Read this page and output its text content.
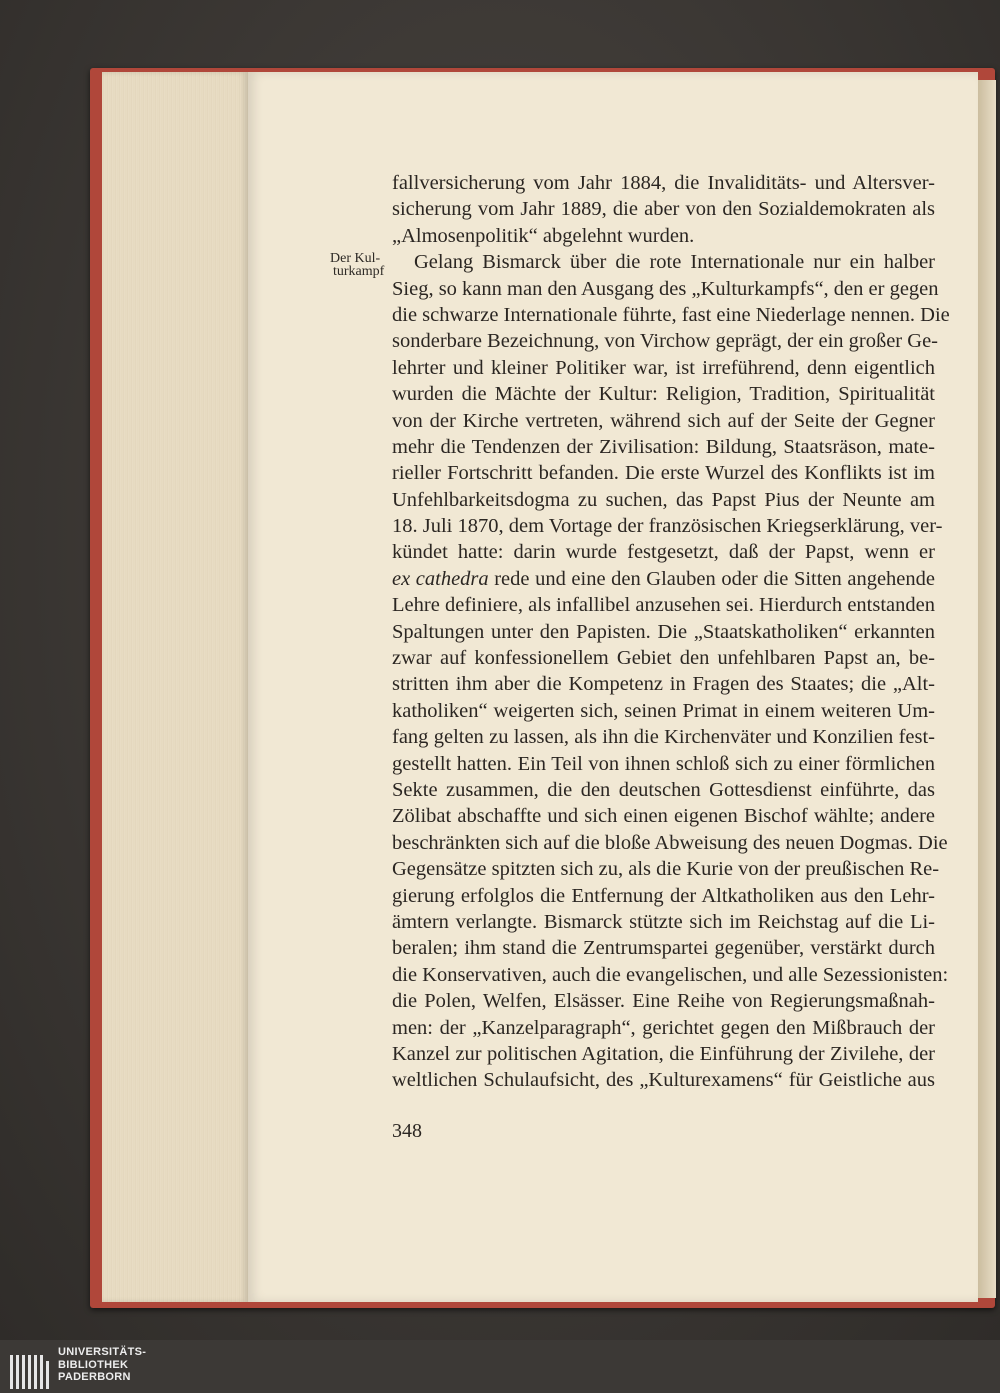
Der Kul-
turkampf
fallversicherung vom Jahr 1884, die Invaliditäts- und Altersver-
sicherung vom Jahr 1889, die aber von den Sozialdemokraten als
„Almosenpolitik“ abgelehnt wurden.
Gelang Bismarck über die rote Internationale nur ein halber
Sieg, so kann man den Ausgang des „Kulturkampfs“, den er gegen
die schwarze Internationale führte, fast eine Niederlage nennen. Die
sonderbare Bezeichnung, von Virchow geprägt, der ein großer Ge-
lehrter und kleiner Politiker war, ist irreführend, denn eigentlich
wurden die Mächte der Kultur: Religion, Tradition, Spiritualität
von der Kirche vertreten, während sich auf der Seite der Gegner
mehr die Tendenzen der Zivilisation: Bildung, Staatsräson, mate-
rieller Fortschritt befanden. Die erste Wurzel des Konflikts ist im
Unfehlbarkeitsdogma zu suchen, das Papst Pius der Neunte am
18. Juli 1870, dem Vortage der französischen Kriegserklärung, ver-
kündet hatte: darin wurde festgesetzt, daß der Papst, wenn er
ex cathedra rede und eine den Glauben oder die Sitten angehende
Lehre definiere, als infallibel anzusehen sei. Hierdurch entstanden
Spaltungen unter den Papisten. Die „Staatskatholiken“ erkannten
zwar auf konfessionellem Gebiet den unfehlbaren Papst an, be-
stritten ihm aber die Kompetenz in Fragen des Staates; die „Alt-
katholiken“ weigerten sich, seinen Primat in einem weiteren Um-
fang gelten zu lassen, als ihn die Kirchenväter und Konzilien fest-
gestellt hatten. Ein Teil von ihnen schloß sich zu einer förmlichen
Sekte zusammen, die den deutschen Gottesdienst einführte, das
Zölibat abschaffte und sich einen eigenen Bischof wählte; andere
beschränkten sich auf die bloße Abweisung des neuen Dogmas. Die
Gegensätze spitzten sich zu, als die Kurie von der preußischen Re-
gierung erfolglos die Entfernung der Altkatholiken aus den Lehr-
ämtern verlangte. Bismarck stützte sich im Reichstag auf die Li-
beralen; ihm stand die Zentrumspartei gegenüber, verstärkt durch
die Konservativen, auch die evangelischen, und alle Sezessionisten:
die Polen, Welfen, Elsässer. Eine Reihe von Regierungsmaßnah-
men: der „Kanzelparagraph“, gerichtet gegen den Mißbrauch der
Kanzel zur politischen Agitation, die Einführung der Zivilehe, der
weltlichen Schulaufsicht, des „Kulturexamens“ für Geistliche aus
348
UNIVERSITÄTS-
BIBLIOTHEK
PADERBORN
